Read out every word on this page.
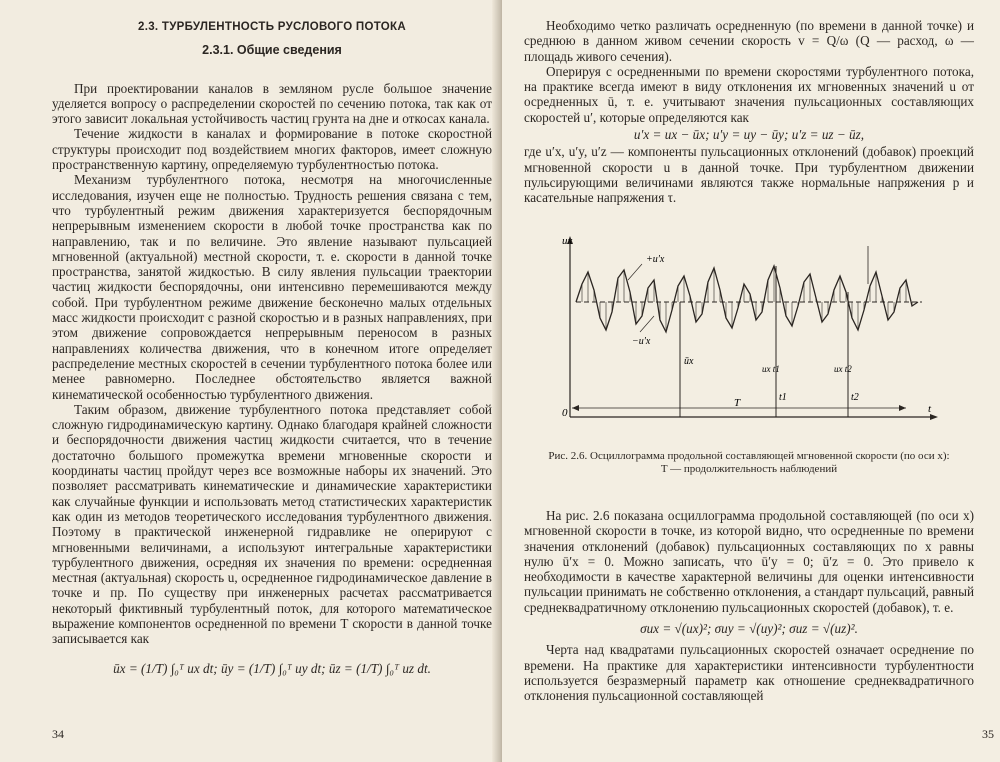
2.3. ТУРБУЛЕНТНОСТЬ РУСЛОВОГО ПОТОКА
2.3.1. Общие сведения

При проектировании каналов в земляном русле большое значение уделяется вопросу о распределении скоростей по сечению потока, так как от этого зависит локальная устойчивость частиц грунта на дне и откосах канала.

Течение жидкости в каналах и формирование в потоке скоростной структуры происходит под воздействием многих факторов, имеет сложную пространственную картину, определяемую турбулентностью потока.

Механизм турбулентного потока, несмотря на многочисленные исследования, изучен еще не полностью. Трудность решения связана с тем, что турбулентный режим движения характеризуется беспорядочным непрерывным изменением скорости в любой точке пространства как по направлению, так и по величине. Это явление называют пульсацией мгновенной (актуальной) местной скорости, т. е. скорости в данной точке пространства, занятой жидкостью. В силу явления пульсации траектории частиц жидкости беспорядочны, они интенсивно перемешиваются между собой. При турбулентном режиме движение бесконечно малых отдельных масс жидкости происходит с разной скоростью и в разных направлениях, при этом движение сопровождается непрерывным переносом в разных направлениях количества движения, что в конечном итоге определяет распределение местных скоростей в сечении турбулентного потока более или менее равномерно. Последнее обстоятельство является важной кинематической особенностью турбулентного движения.

Таким образом, движение турбулентного потока представляет собой сложную гидродинамическую картину. Однако благодаря крайней сложности и беспорядочности движения частиц жидкости считается, что в течение достаточно большого промежутка времени мгновенные скорости и координаты частиц пройдут через все возможные наборы их значений. Это позволяет рассматривать кинематические и динамические характеристики как случайные функции и использовать метод статистических характеристик как один из методов теоретического исследования турбулентного движения. Поэтому в практической инженерной гидравлике не оперируют с мгновенными величинами, а используют интегральные характеристики турбулентного движения, осредняя их значения по времени: осредненная местная (актуальная) скорость u, осредненное гидродинамическое давление в точке и пр. По существу при инженерных расчетах рассматривается некоторый фиктивный турбулентный поток, для которого математическое выражение компонентов осредненной по времени T скорости в данной точке записывается как

ūx = (1/T) ∫₀ᵀ ux dt; ūy = (1/T) ∫₀ᵀ uy dt; ūz = (1/T) ∫₀ᵀ uz dt.
34

Необходимо четко различать осредненную (по времени в данной точке) и среднюю в данном живом сечении скорость v = Q/ω (Q — расход, ω — площадь живого сечения).

Оперируя с осредненными по времени скоростями турбулентного потока, на практике всегда имеют в виду отклонения их мгновенных значений u от осредненных ū, т. е. учитывают значения пульсационных составляющих скоростей u′, которые определяются как

u′x = ux − ūx; u′y = uy − ūy; u′z = uz − ūz,

где u′x, u′y, u′z — компоненты пульсационных отклонений (добавок) проекций мгновенной скорости u в данной точке. При турбулентном движении пульсирующими величинами являются также нормальные напряжения p и касательные напряжения τ.

ux
+u′x
−u′x
ūx
ux t1	ux t2
t1	t2
0	t
T
Рис. 2.6. Осциллограмма продольной составляющей мгновенной скорости (по оси x):
T — продолжительность наблюдений

На рис. 2.6 показана осциллограмма продольной составляющей (по оси x) мгновенной скорости в точке, из которой видно, что осредненные по времени значения отклонений (добавок) пульсационных составляющих по x равны нулю ū′x = 0. Можно записать, что ū′y = 0; ū′z = 0. Это привело к необходимости в качестве характерной величины для оценки интенсивности пульсации принимать не собственно отклонения, а стандарт пульсаций, равный среднеквадратичному отклонению пульсационных скоростей (добавок), т. е.

σux = √(ux)²; σuy = √(uy)²; σuz = √(uz)².

Черта над квадратами пульсационных скоростей означает осреднение по времени. На практике для характеристики интенсивности турбулентности используется безразмерный параметр как отношение среднеквадратичного отклонения пульсационной составляющей

35
